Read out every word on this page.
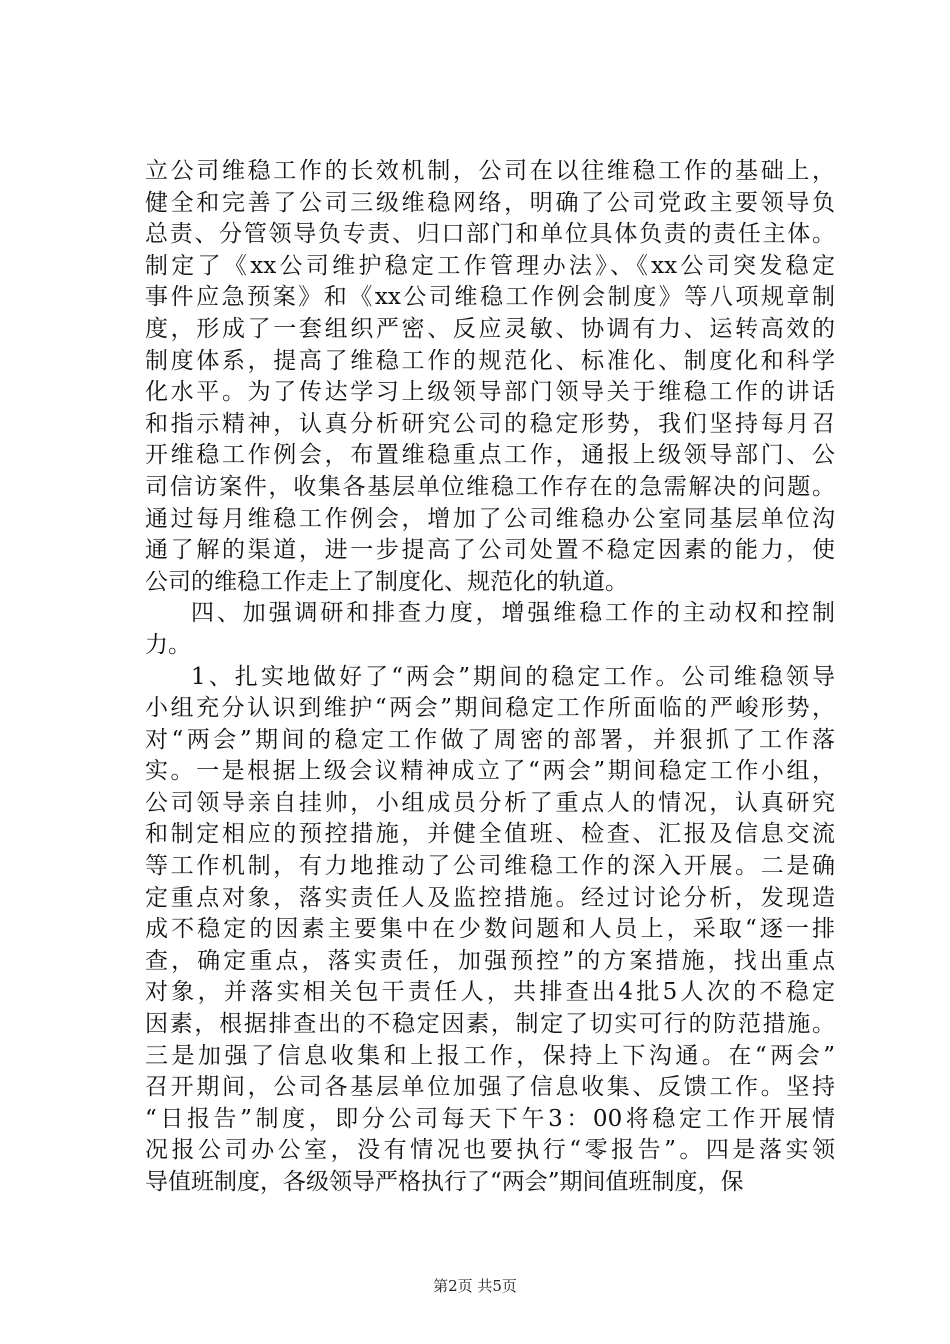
立公司维稳工作的长效机制，公司在以往维稳工作的基础上，
健全和完善了公司三级维稳网络，明确了公司党政主要领导负
总责、分管领导负专责、归口部门和单位具体负责的责任主体。
制定了《xx公司维护稳定工作管理办法》、《xx公司突发稳定
事件应急预案》和《xx公司维稳工作例会制度》等八项规章制
度，形成了一套组织严密、反应灵敏、协调有力、运转高效的
制度体系，提高了维稳工作的规范化、标准化、制度化和科学
化水平。为了传达学习上级领导部门领导关于维稳工作的讲话
和指示精神，认真分析研究公司的稳定形势，我们坚持每月召
开维稳工作例会，布置维稳重点工作，通报上级领导部门、公
司信访案件，收集各基层单位维稳工作存在的急需解决的问题。
通过每月维稳工作例会，增加了公司维稳办公室同基层单位沟
通了解的渠道，进一步提高了公司处置不稳定因素的能力，使
公司的维稳工作走上了制度化、规范化的轨道。
四、加强调研和排查力度，增强维稳工作的主动权和控制
力。
1、扎实地做好了“两会”期间的稳定工作。公司维稳领导
小组充分认识到维护“两会”期间稳定工作所面临的严峻形势，
对“两会”期间的稳定工作做了周密的部署，并狠抓了工作落
实。一是根据上级会议精神成立了“两会”期间稳定工作小组，
公司领导亲自挂帅，小组成员分析了重点人的情况，认真研究
和制定相应的预控措施，并健全值班、检查、汇报及信息交流
等工作机制，有力地推动了公司维稳工作的深入开展。二是确
定重点对象，落实责任人及监控措施。经过讨论分析，发现造
成不稳定的因素主要集中在少数问题和人员上，采取“逐一排
查，确定重点，落实责任，加强预控”的方案措施，找出重点
对象，并落实相关包干责任人，共排查出4批5人次的不稳定
因素，根据排查出的不稳定因素，制定了切实可行的防范措施。
三是加强了信息收集和上报工作，保持上下沟通。在“两会”
召开期间，公司各基层单位加强了信息收集、反馈工作。坚持
“日报告”制度，即分公司每天下午3：00将稳定工作开展情
况报公司办公室，没有情况也要执行“零报告”。四是落实领
导值班制度，各级领导严格执行了“两会”期间值班制度，保
第2页 共5页
